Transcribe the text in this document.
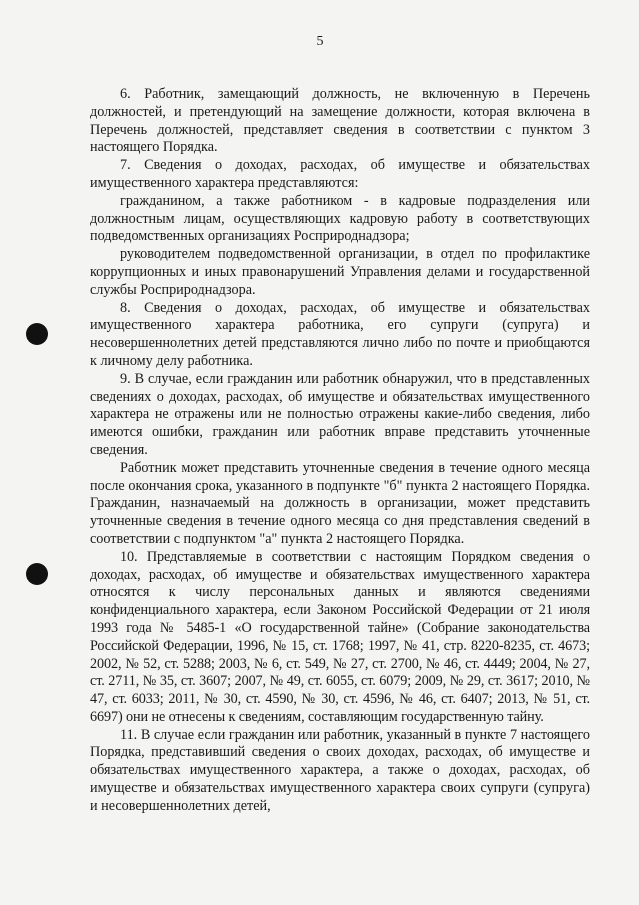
5

6. Работник, замещающий должность, не включенную в Перечень должностей, и претендующий на замещение должности, которая включена в Перечень должностей, представляет сведения в соответствии с пунктом 3 настоящего Порядка.

7. Сведения о доходах, расходах, об имуществе и обязательствах имущественного характера представляются:

гражданином, а также работником - в кадровые подразделения или должностным лицам, осуществляющих кадровую работу в соответствующих подведомственных организациях Росприроднадзора;

руководителем подведомственной организации, в отдел по профилактике коррупционных и иных правонарушений Управления делами и государственной службы Росприроднадзора.

8. Сведения о доходах, расходах, об имуществе и обязательствах имущественного характера работника, его супруги (супруга) и несовершеннолетних детей представляются лично либо по почте и приобщаются к личному делу работника.

9. В случае, если гражданин или работник обнаружил, что в представленных сведениях о доходах, расходах, об имуществе и обязательствах имущественного характера не отражены или не полностью отражены какие-либо сведения, либо имеются ошибки, гражданин или работник вправе представить уточненные сведения.

Работник может представить уточненные сведения в течение одного месяца после окончания срока, указанного в подпункте "б" пункта 2 настоящего Порядка. Гражданин, назначаемый на должность в организации, может представить уточненные сведения в течение одного месяца со дня представления сведений в соответствии с подпунктом "а" пункта 2 настоящего Порядка.

10. Представляемые в соответствии с настоящим Порядком сведения о доходах, расходах, об имуществе и обязательствах имущественного характера относятся к числу персональных данных и являются сведениями конфиденциального характера, если Законом Российской Федерации от 21 июля 1993 года № 5485-1 «О государственной тайне» (Собрание законодательства Российской Федерации, 1996, № 15, ст. 1768; 1997, № 41, стр. 8220-8235, ст. 4673; 2002, № 52, ст. 5288; 2003, № 6, ст. 549, № 27, ст. 2700, № 46, ст. 4449; 2004, № 27, ст. 2711, № 35, ст. 3607; 2007, № 49, ст. 6055, ст. 6079; 2009, № 29, ст. 3617; 2010, № 47, ст. 6033; 2011, № 30, ст. 4590, № 30, ст. 4596, № 46, ст. 6407; 2013, № 51, ст. 6697) они не отнесены к сведениям, составляющим государственную тайну.

11. В случае если гражданин или работник, указанный в пункте 7 настоящего Порядка, представивший сведения о своих доходах, расходах, об имуществе и обязательствах имущественного характера, а также о доходах, расходах, об имуществе и обязательствах имущественного характера своих супруги (супруга) и несовершеннолетних детей,
